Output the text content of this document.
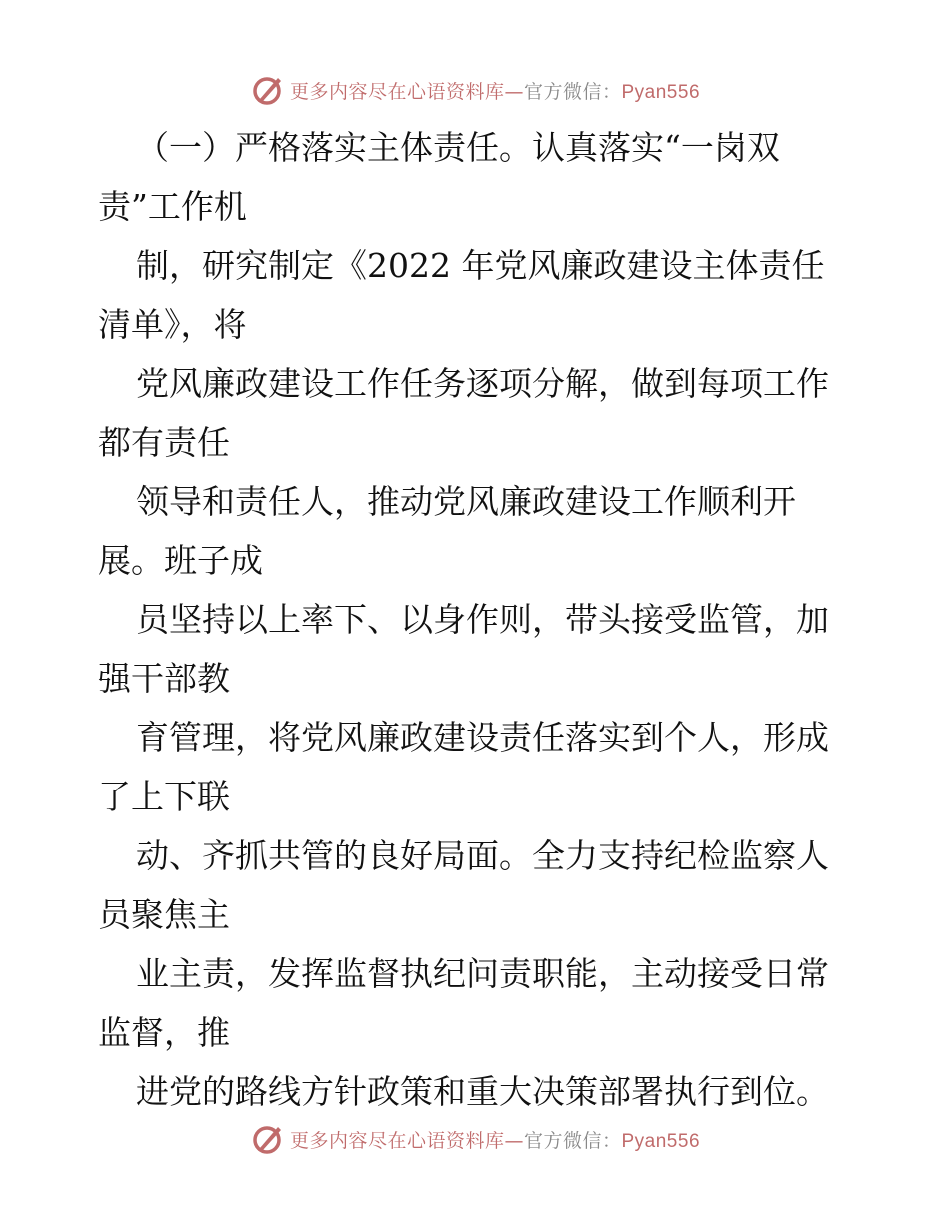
更多内容尽在心语资料库—官方微信：Pyan556
（一）严格落实主体责任。认真落实“一岗双
责”工作机
制，研究制定《2022 年党风廉政建设主体责任
清单》，将
党风廉政建设工作任务逐项分解，做到每项工作
都有责任
领导和责任人，推动党风廉政建设工作顺利开
展。班子成
员坚持以上率下、以身作则，带头接受监管，加
强干部教
育管理，将党风廉政建设责任落实到个人，形成
了上下联
动、齐抓共管的良好局面。全力支持纪检监察人
员聚焦主
业主责，发挥监督执纪问责职能，主动接受日常
监督，推
进党的路线方针政策和重大决策部署执行到位。
更多内容尽在心语资料库—官方微信：Pyan556
